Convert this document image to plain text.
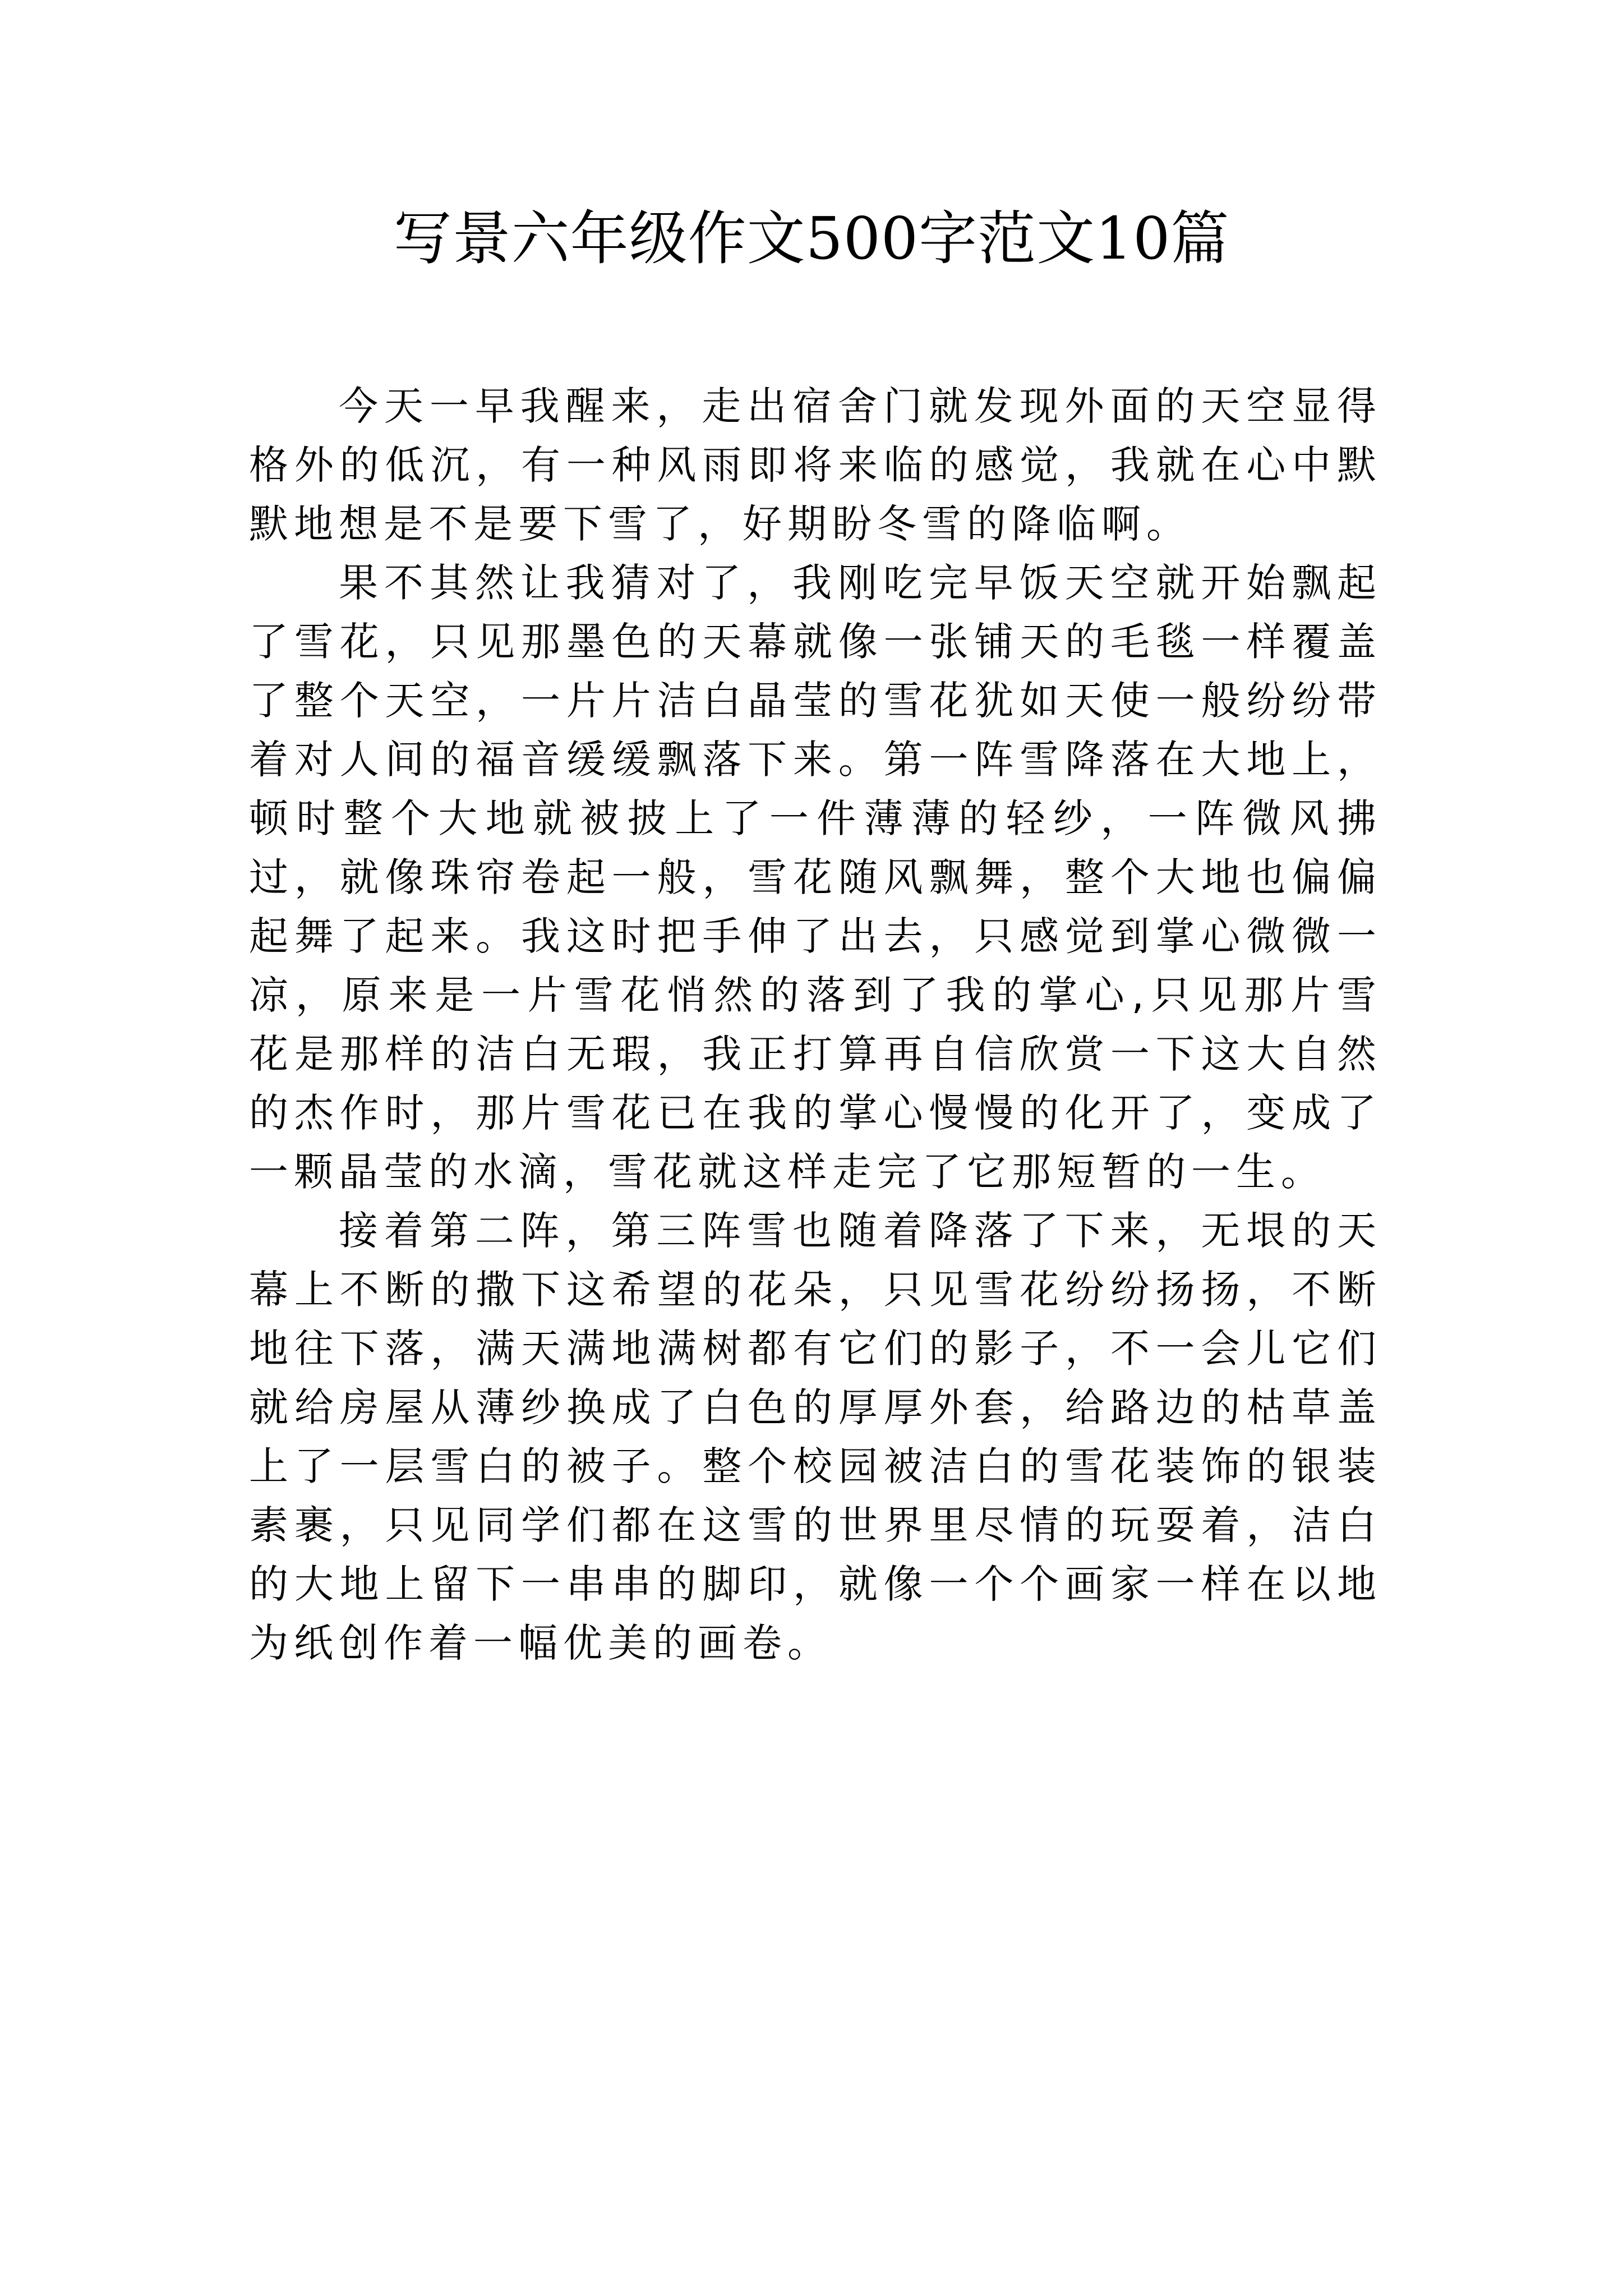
写景六年级作文500字范文10篇

今天一早我醒来，走出宿舍门就发现外面的天空显得格外的低沉，有一种风雨即将来临的感觉，我就在心中默默地想是不是要下雪了，好期盼冬雪的降临啊。

果不其然让我猜对了，我刚吃完早饭天空就开始飘起了雪花，只见那墨色的天幕就像一张铺天的毛毯一样覆盖了整个天空，一片片洁白晶莹的雪花犹如天使一般纷纷带着对人间的福音缓缓飘落下来。第一阵雪降落在大地上，顿时整个大地就被披上了一件薄薄的轻纱，一阵微风拂过，就像珠帘卷起一般，雪花随风飘舞，整个大地也偏偏起舞了起来。我这时把手伸了出去，只感觉到掌心微微一凉，原来是一片雪花悄然的落到了我的掌心,只见那片雪花是那样的洁白无瑕，我正打算再自信欣赏一下这大自然的杰作时，那片雪花已在我的掌心慢慢的化开了，变成了一颗晶莹的水滴，雪花就这样走完了它那短暂的一生。

接着第二阵，第三阵雪也随着降落了下来，无垠的天幕上不断的撒下这希望的花朵，只见雪花纷纷扬扬，不断地往下落，满天满地满树都有它们的影子，不一会儿它们就给房屋从薄纱换成了白色的厚厚外套，给路边的枯草盖上了一层雪白的被子。整个校园被洁白的雪花装饰的银装素裹，只见同学们都在这雪的世界里尽情的玩耍着，洁白的大地上留下一串串的脚印，就像一个个画家一样在以地为纸创作着一幅优美的画卷。
